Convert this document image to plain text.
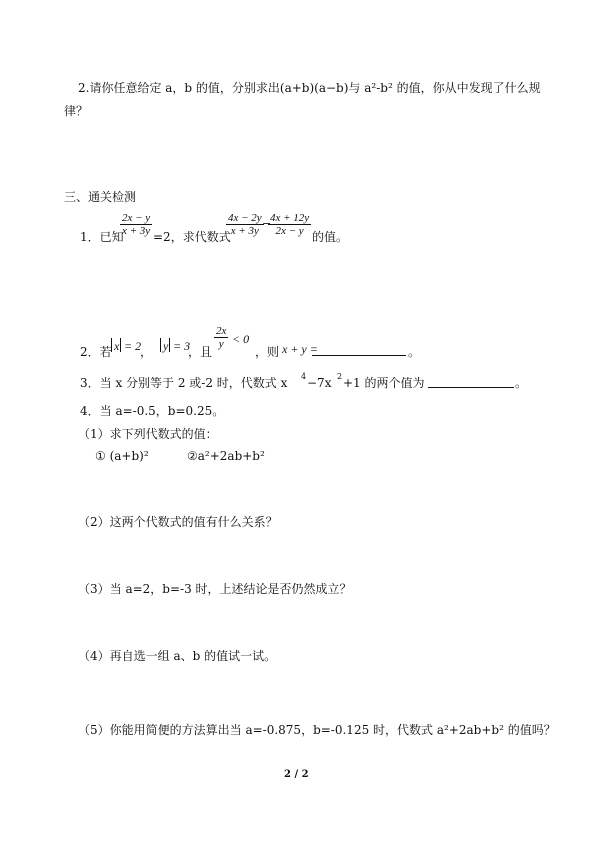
2.请你任意给定 a，b 的值，分别求出(a+b)(a−b)与 a²-b² 的值，你从中发现了什么规
律？
三、通关检测
1．已知
2x − y
x + 3y =2，求代数式
4x − 2y
x + 3y
−
4x + 12y
2x − y 的值。
2．若 x = 2
， y = 3
，且
2x
y < 0
，则 x + y =	。
3．当 x 分别等于 2 或-2 时，代数式 x 4 −7x 2 +1 的两个值为	。
4．当 a=-0.5，b=0.25。
（1）求下列代数式的值：
① (a+b)²	②a²+2ab+b²
（2）这两个代数式的值有什么关系？
（3）当 a=2，b=-3 时，上述结论是否仍然成立？
（4）再自选一组 a、b 的值试一试。
（5）你能用简便的方法算出当 a=-0.875，b=-0.125 时，代数式 a²+2ab+b² 的值吗？
2 / 2
